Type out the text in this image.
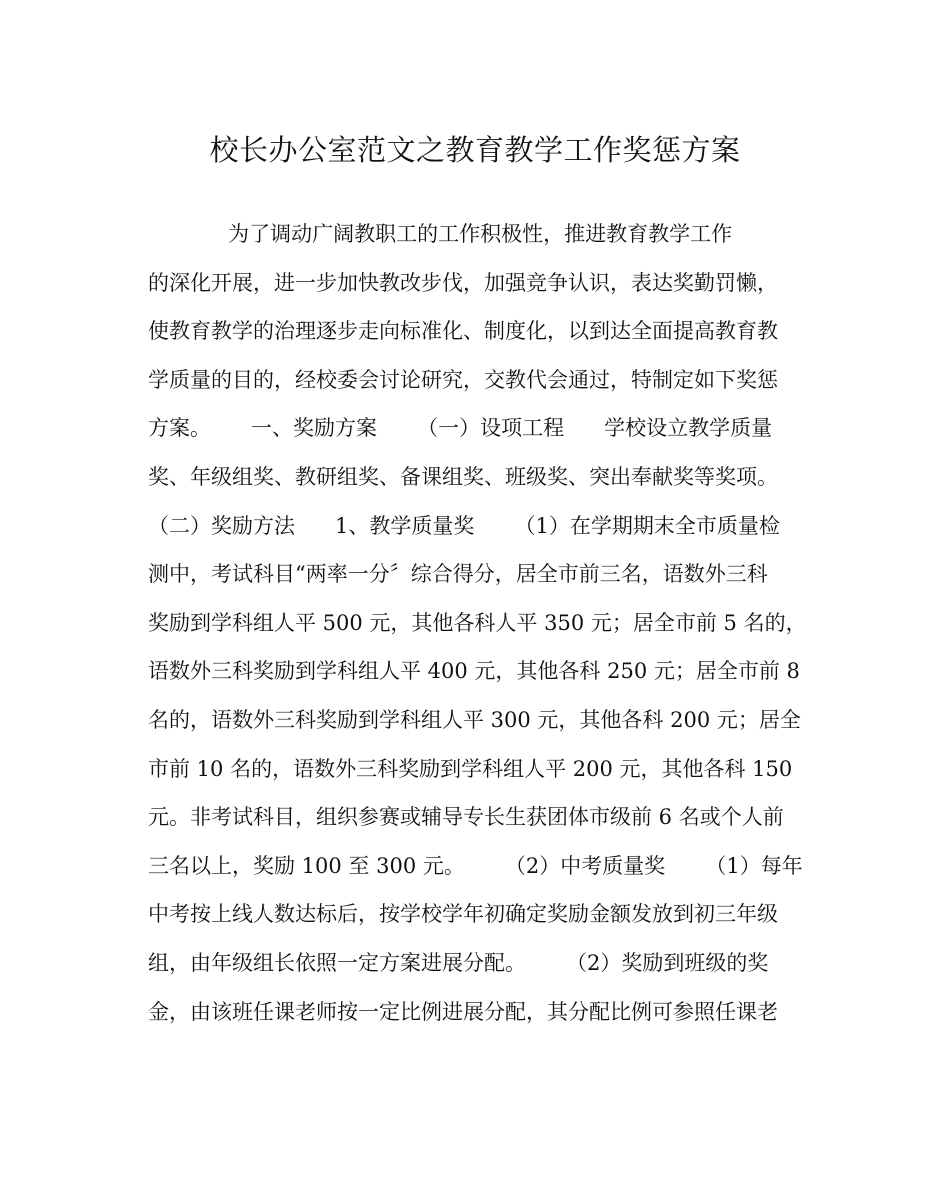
校长办公室范文之教育教学工作奖惩方案
为了调动广阔教职工的工作积极性，推进教育教学工作
的深化开展，进一步加快教改步伐，加强竞争认识，表达奖勤罚懒，
使教育教学的治理逐步走向标准化、制度化，以到达全面提高教育教
学质量的目的，经校委会讨论研究，交教代会通过，特制定如下奖惩
方案。      一、奖励方案      （一）设项工程      学校设立教学质量
奖、年级组奖、教研组奖、备课组奖、班级奖、突出奉献奖等奖项。
（二）奖励方法      1、教学质量奖      （1）在学期期末全市质量检
测中，考试科目“两率一分〞综合得分，居全市前三名，语数外三科
奖励到学科组人平 500 元，其他各科人平 350 元；居全市前 5 名的，
语数外三科奖励到学科组人平 400 元，其他各科 250 元；居全市前 8
名的，语数外三科奖励到学科组人平 300 元，其他各科 200 元；居全
市前 10 名的，语数外三科奖励到学科组人平 200 元，其他各科 150
元。非考试科目，组织参赛或辅导专长生获团体市级前 6 名或个人前
三名以上，奖励 100 至 300 元。      （2）中考质量奖      （1）每年
中考按上线人数达标后，按学校学年初确定奖励金额发放到初三年级
组，由年级组长依照一定方案进展分配。      （2）奖励到班级的奖
金，由该班任课老师按一定比例进展分配，其分配比例可参照任课老
